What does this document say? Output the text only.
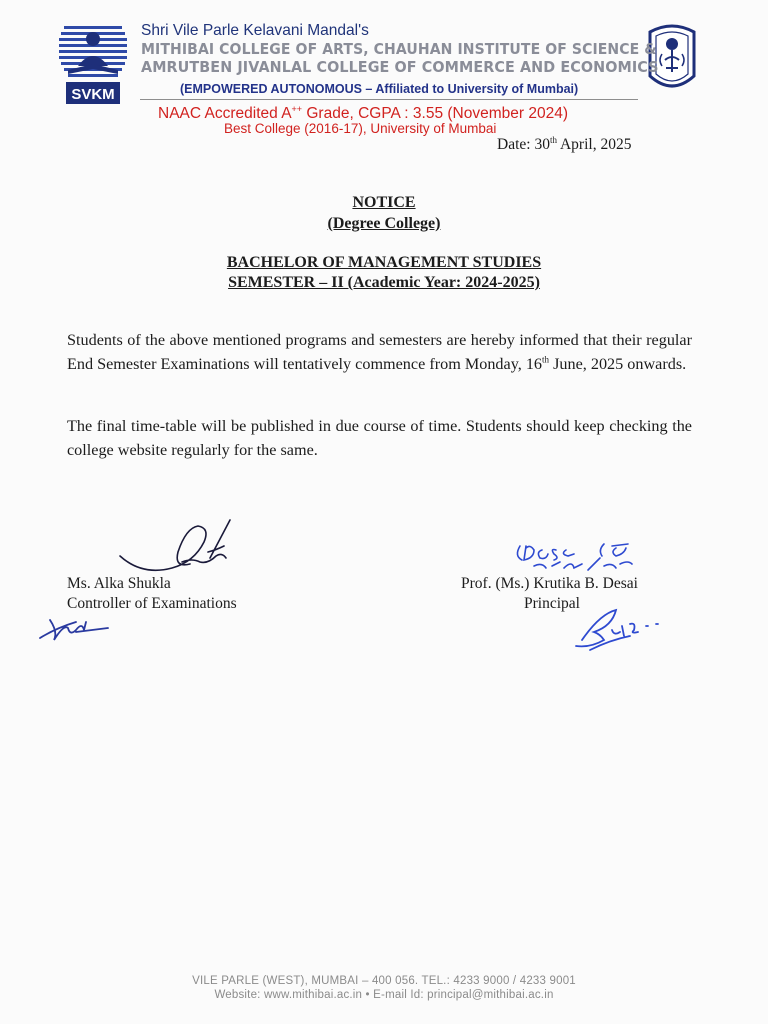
SVKM
Shri Vile Parle Kelavani Mandal's
MITHIBAI COLLEGE OF ARTS, CHAUHAN INSTITUTE OF SCIENCE &
AMRUTBEN JIVANLAL COLLEGE OF COMMERCE AND ECONOMICS
(EMPOWERED AUTONOMOUS – Affiliated to University of Mumbai)
NAAC Accredited A++ Grade, CGPA : 3.55 (November 2024)
Best College (2016-17), University of Mumbai
Date: 30th April, 2025
NOTICE
(Degree College)
BACHELOR OF MANAGEMENT STUDIES
SEMESTER – II (Academic Year: 2024-2025)
Students of the above mentioned programs and semesters are hereby informed that their regular End Semester Examinations will tentatively commence from Monday, 16th June, 2025 onwards.
The final time-table will be published in due course of time. Students should keep checking the college website regularly for the same.
Ms. Alka Shukla
Controller of Examinations
Prof. (Ms.) Krutika B. Desai
Principal
VILE PARLE (WEST), MUMBAI – 400 056. TEL.: 4233 9000 / 4233 9001
Website: www.mithibai.ac.in • E-mail Id: principal@mithibai.ac.in
